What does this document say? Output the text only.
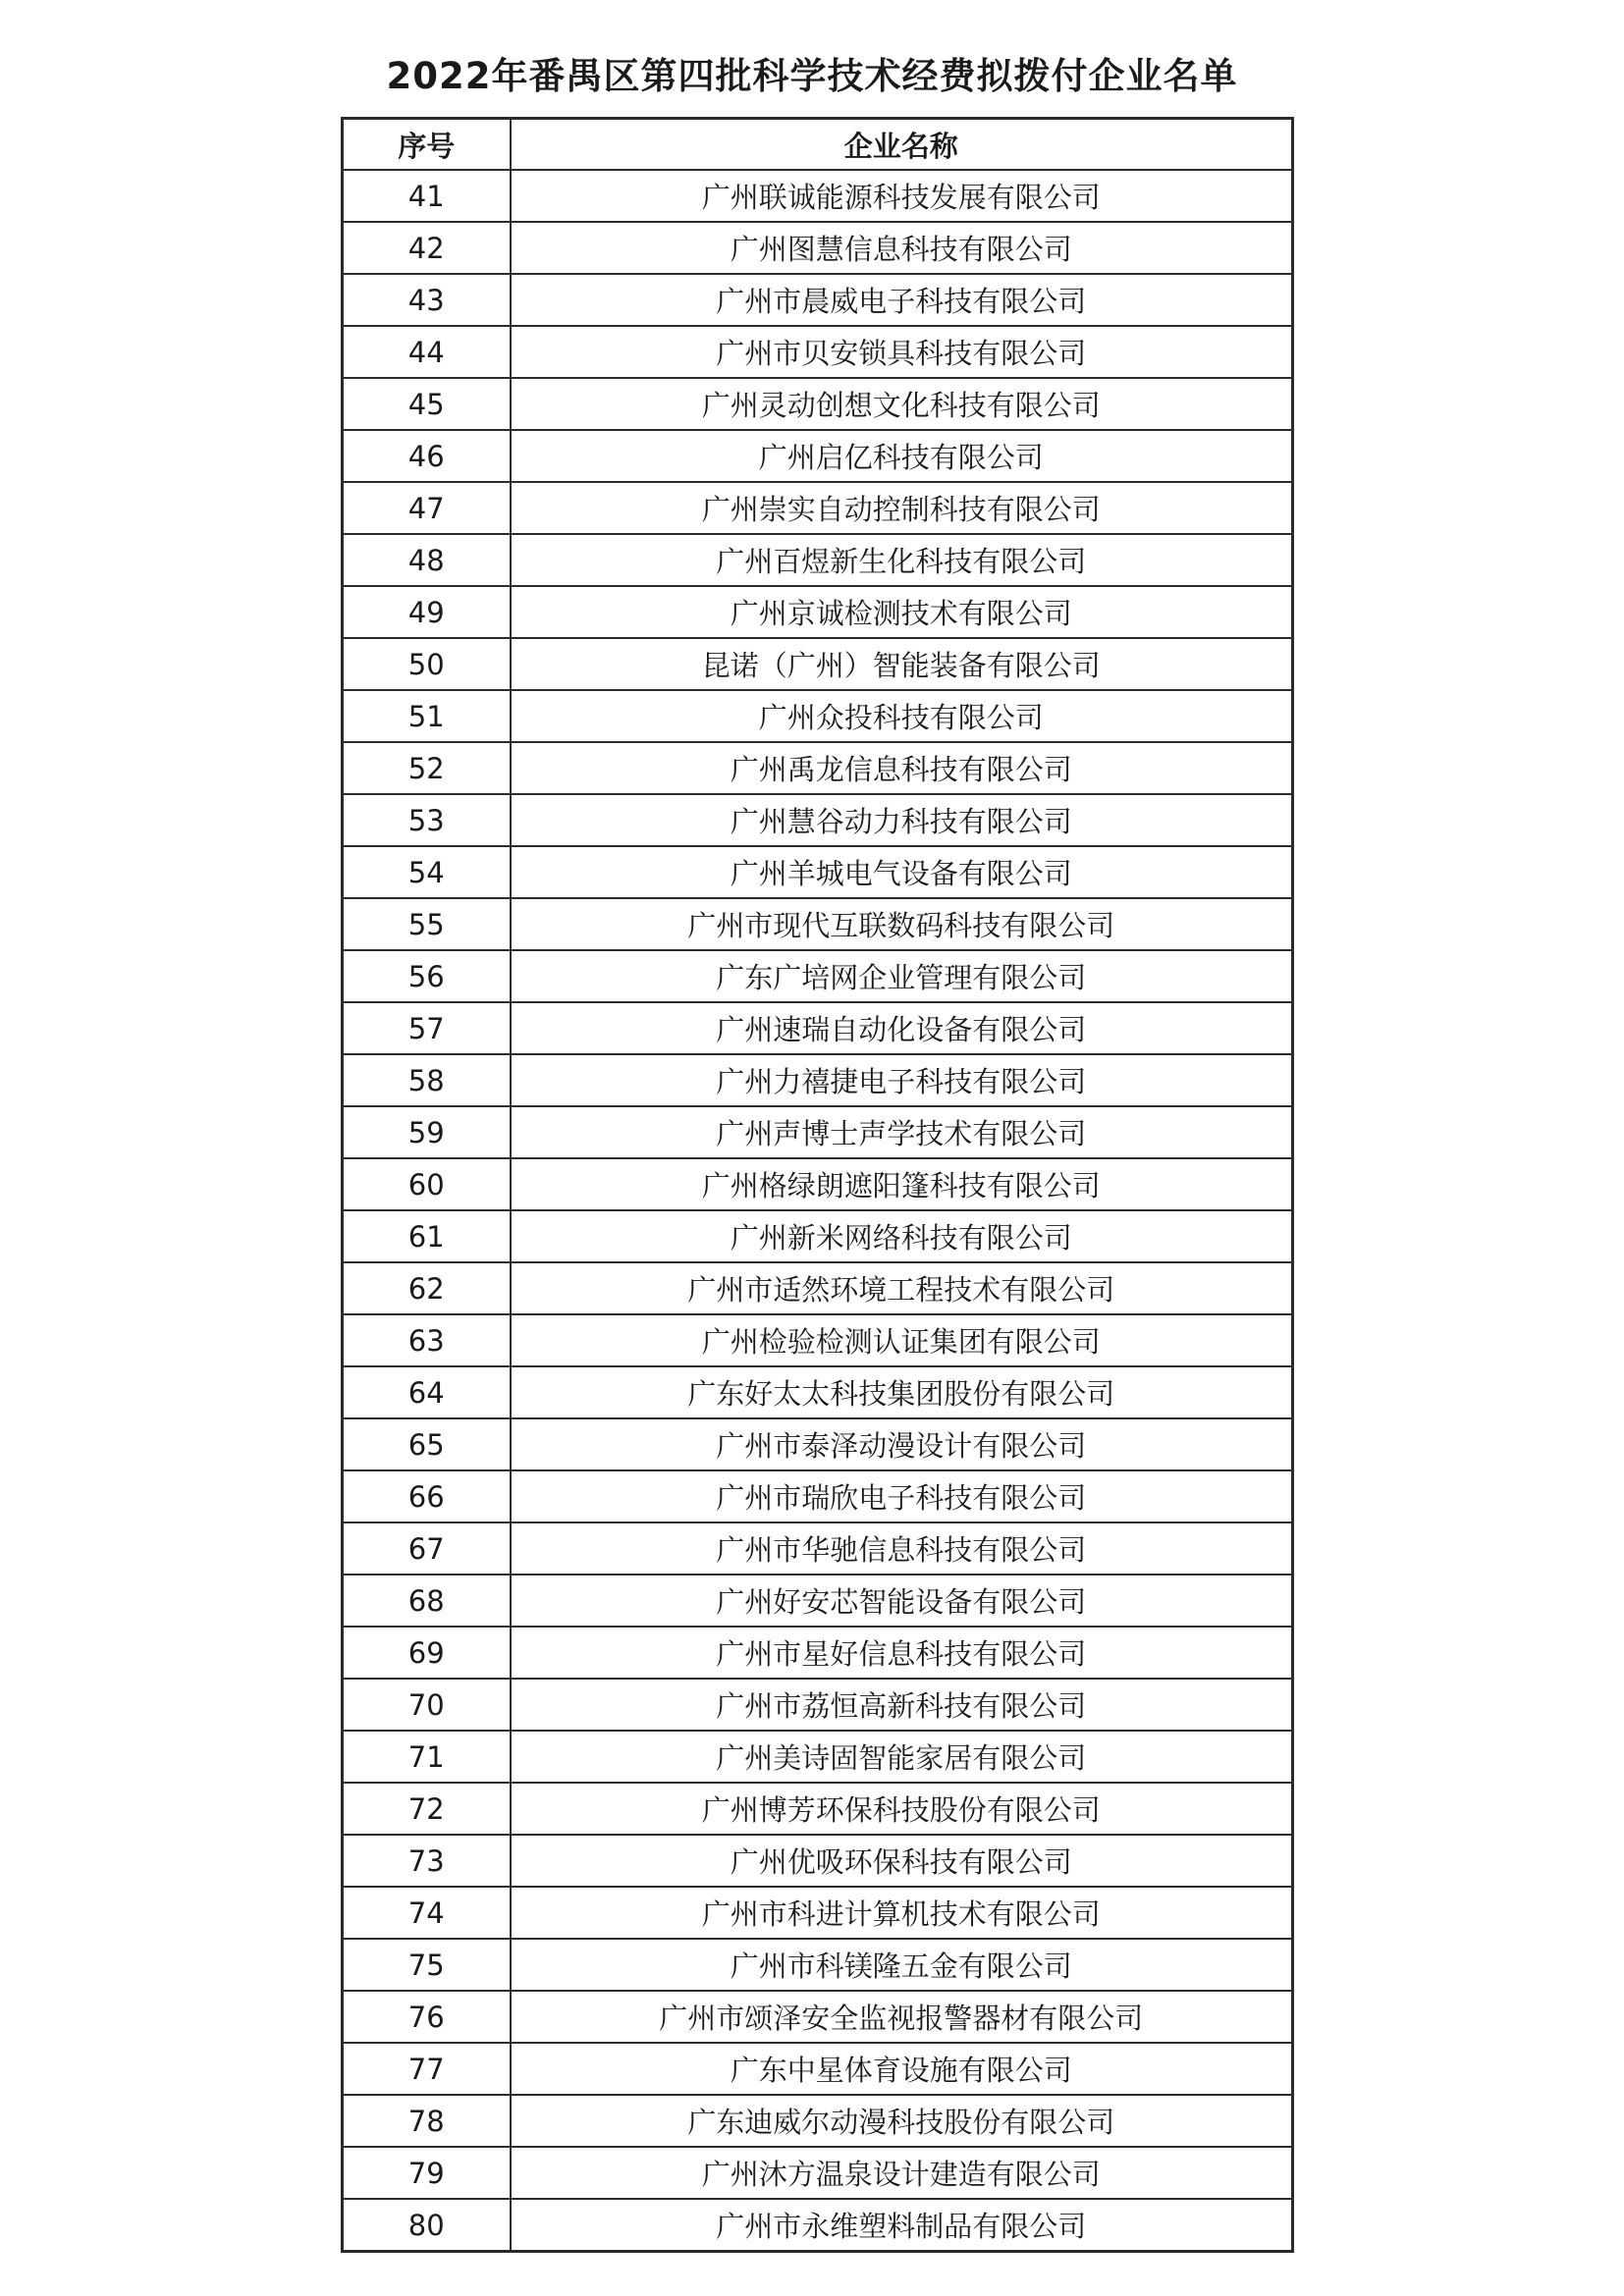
2022年番禺区第四批科学技术经费拟拨付企业名单
序号	企业名称
41	广州联诚能源科技发展有限公司
42	广州图慧信息科技有限公司
43	广州市晨威电子科技有限公司
44	广州市贝安锁具科技有限公司
45	广州灵动创想文化科技有限公司
46	广州启亿科技有限公司
47	广州崇实自动控制科技有限公司
48	广州百煜新生化科技有限公司
49	广州京诚检测技术有限公司
50	昆诺（广州）智能装备有限公司
51	广州众投科技有限公司
52	广州禹龙信息科技有限公司
53	广州慧谷动力科技有限公司
54	广州羊城电气设备有限公司
55	广州市现代互联数码科技有限公司
56	广东广培网企业管理有限公司
57	广州速瑞自动化设备有限公司
58	广州力禧捷电子科技有限公司
59	广州声博士声学技术有限公司
60	广州格绿朗遮阳篷科技有限公司
61	广州新米网络科技有限公司
62	广州市适然环境工程技术有限公司
63	广州检验检测认证集团有限公司
64	广东好太太科技集团股份有限公司
65	广州市泰泽动漫设计有限公司
66	广州市瑞欣电子科技有限公司
67	广州市华驰信息科技有限公司
68	广州好安芯智能设备有限公司
69	广州市星好信息科技有限公司
70	广州市荔恒高新科技有限公司
71	广州美诗固智能家居有限公司
72	广州博芳环保科技股份有限公司
73	广州优吸环保科技有限公司
74	广州市科进计算机技术有限公司
75	广州市科镁隆五金有限公司
76	广州市颂泽安全监视报警器材有限公司
77	广东中星体育设施有限公司
78	广东迪威尔动漫科技股份有限公司
79	广州沐方温泉设计建造有限公司
80	广州市永维塑料制品有限公司
